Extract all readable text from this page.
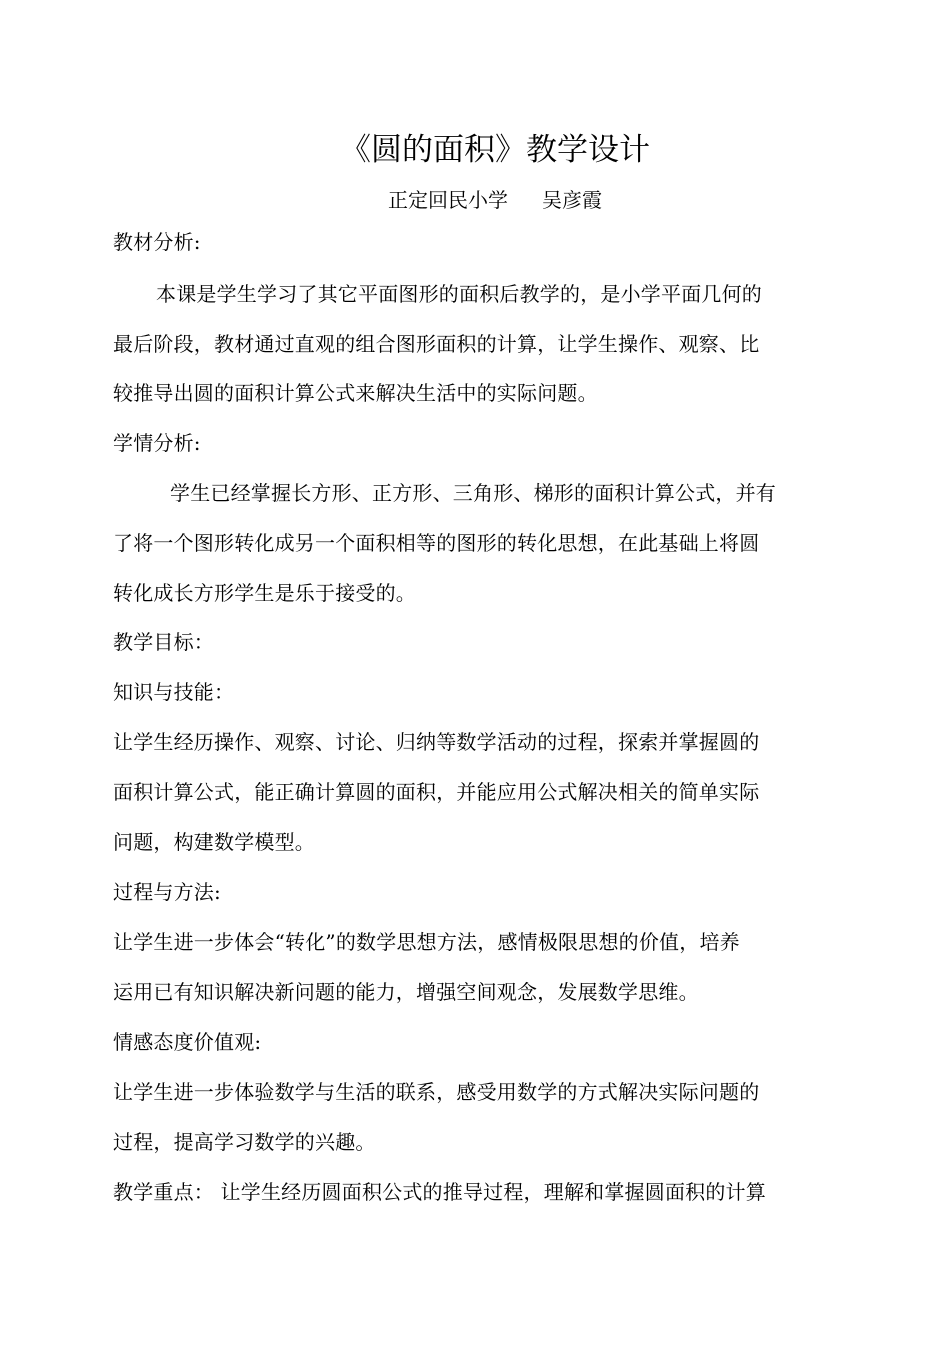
《圆的面积》教学设计
正定回民小学 吴彦霞
教材分析:
本课是学生学习了其它平面图形的面积后教学的，是小学平面几何的
最后阶段，教材通过直观的组合图形面积的计算，让学生操作、观察、比
较推导出圆的面积计算公式来解决生活中的实际问题。
学情分析:
学生已经掌握长方形、正方形、三角形、梯形的面积计算公式，并有
了将一个图形转化成另一个面积相等的图形的转化思想，在此基础上将圆
转化成长方形学生是乐于接受的。
教学目标：
知识与技能：
让学生经历操作、观察、讨论、归纳等数学活动的过程，探索并掌握圆的
面积计算公式，能正确计算圆的面积，并能应用公式解决相关的简单实际
问题，构建数学模型。
过程与方法:
让学生进一步体会“转化”的数学思想方法，感情极限思想的价值，培养
运用已有知识解决新问题的能力，增强空间观念，发展数学思维。
情感态度价值观:
让学生进一步体验数学与生活的联系，感受用数学的方式解决实际问题的
过程，提高学习数学的兴趣。
教学重点： 让学生经历圆面积公式的推导过程，理解和掌握圆面积的计算
